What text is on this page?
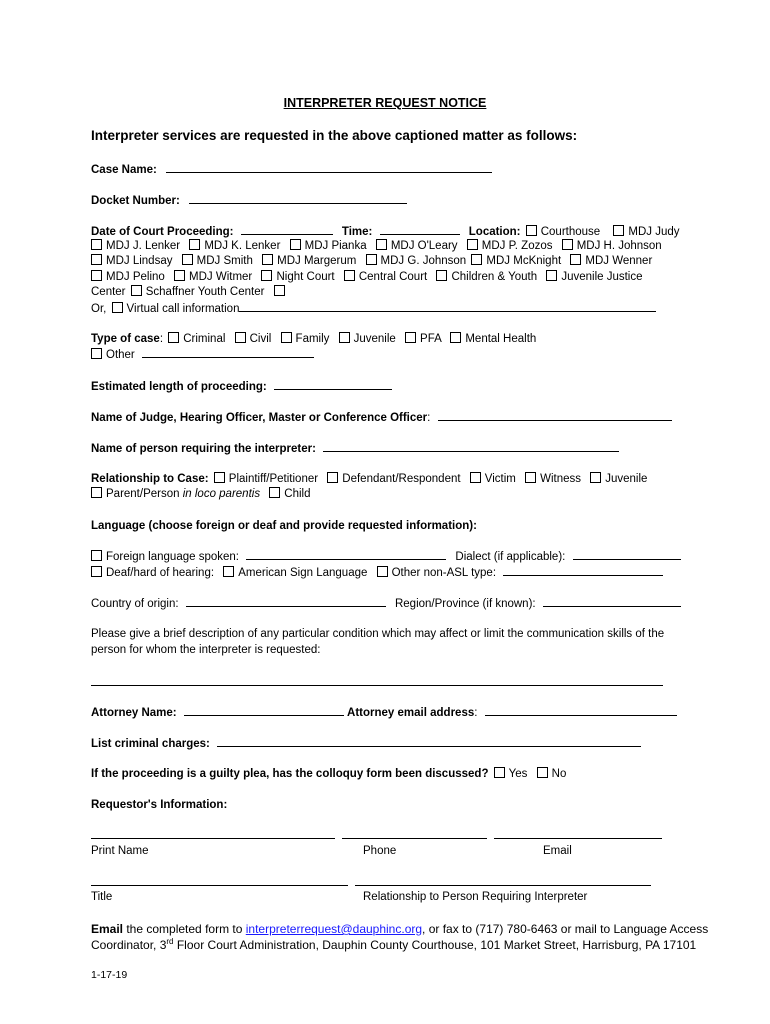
INTERPRETER REQUEST NOTICE
Interpreter services are requested in the above captioned matter as follows:
Case Name:
Docket Number:
Date of Court Proceeding:	Time:	Location: Courthouse MDJ Judy
MDJ J. Lenker MDJ K. Lenker MDJ Pianka MDJ O'Leary MDJ P. Zozos MDJ H. Johnson
MDJ Lindsay MDJ Smith MDJ Margerum MDJ G. Johnson MDJ McKnight MDJ Wenner
MDJ Pelino MDJ Witmer Night Court Central Court Children & Youth Juvenile Justice
Center Schaffner Youth Center
Or, Virtual call information
Type of case: Criminal Civil Family Juvenile PFA Mental Health
Other
Estimated length of proceeding:
Name of Judge, Hearing Officer, Master or Conference Officer:
Name of person requiring the interpreter:
Relationship to Case: Plaintiff/Petitioner Defendant/Respondent Victim Witness Juvenile
Parent/Person in loco parentis Child
Language (choose foreign or deaf and provide requested information):
Foreign language spoken:	Dialect (if applicable):
Deaf/hard of hearing: American Sign Language Other non-ASL type:
Country of origin:	Region/Province (if known):
Please give a brief description of any particular condition which may affect or limit the communication skills of the
person for whom the interpreter is requested:
Attorney Name:	Attorney email address:
List criminal charges:
If the proceeding is a guilty plea, has the colloquy form been discussed? Yes No
Requestor's Information:
Print Name	Phone	Email
Title	Relationship to Person Requiring Interpreter
Email the completed form to interpreterrequest@dauphinc.org, or fax to (717) 780-6463 or mail to Language Access
Coordinator, 3rd Floor Court Administration, Dauphin County Courthouse, 101 Market Street, Harrisburg, PA 17101
1-17-19
